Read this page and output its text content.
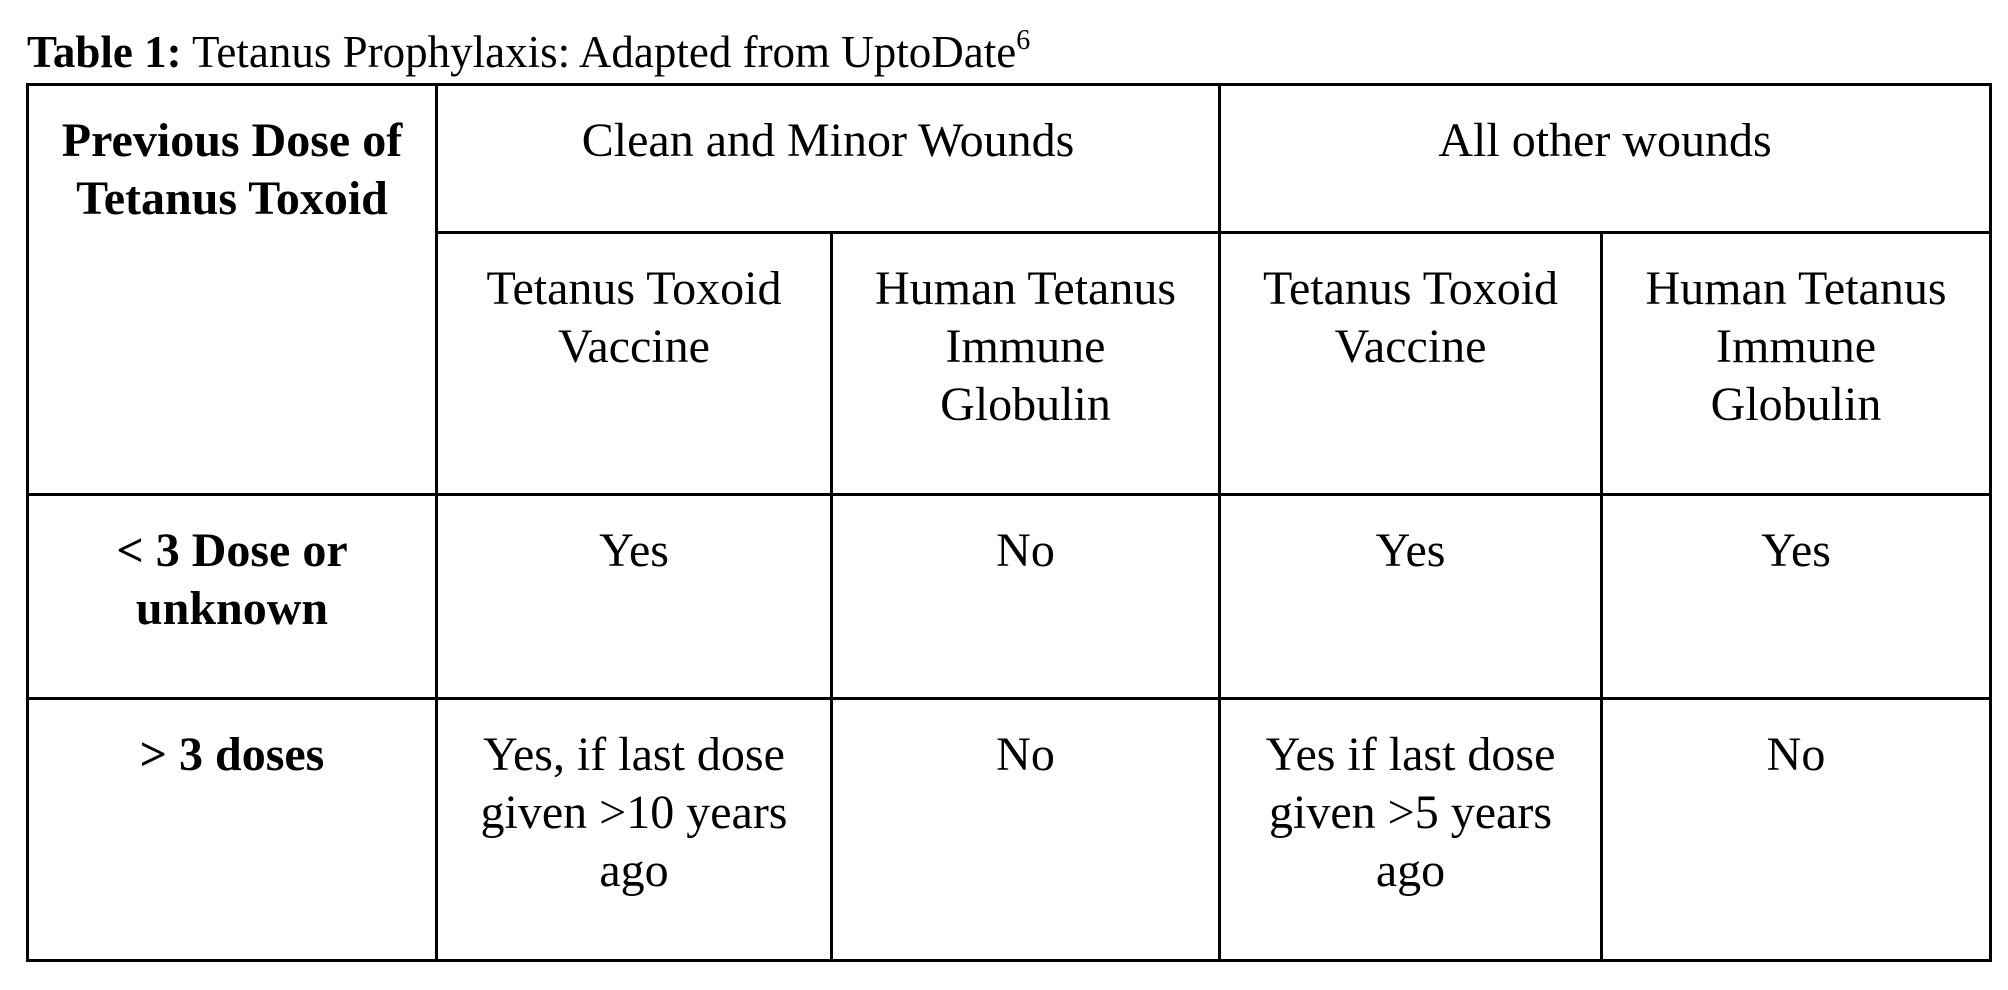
Table 1: Tetanus Prophylaxis: Adapted from UptoDate$^6$
Previous Dose of Tetanus Toxoid	Clean and Minor Wounds		All other wounds	
	Tetanus Toxoid Vaccine	Human Tetanus Immune Globulin	Tetanus Toxoid Vaccine	Human Tetanus Immune Globulin
< 3 Dose or unknown	Yes	No	Yes	Yes
> 3 doses	Yes, if last dose given >10 years ago	No	Yes if last dose given >5 years ago	No
